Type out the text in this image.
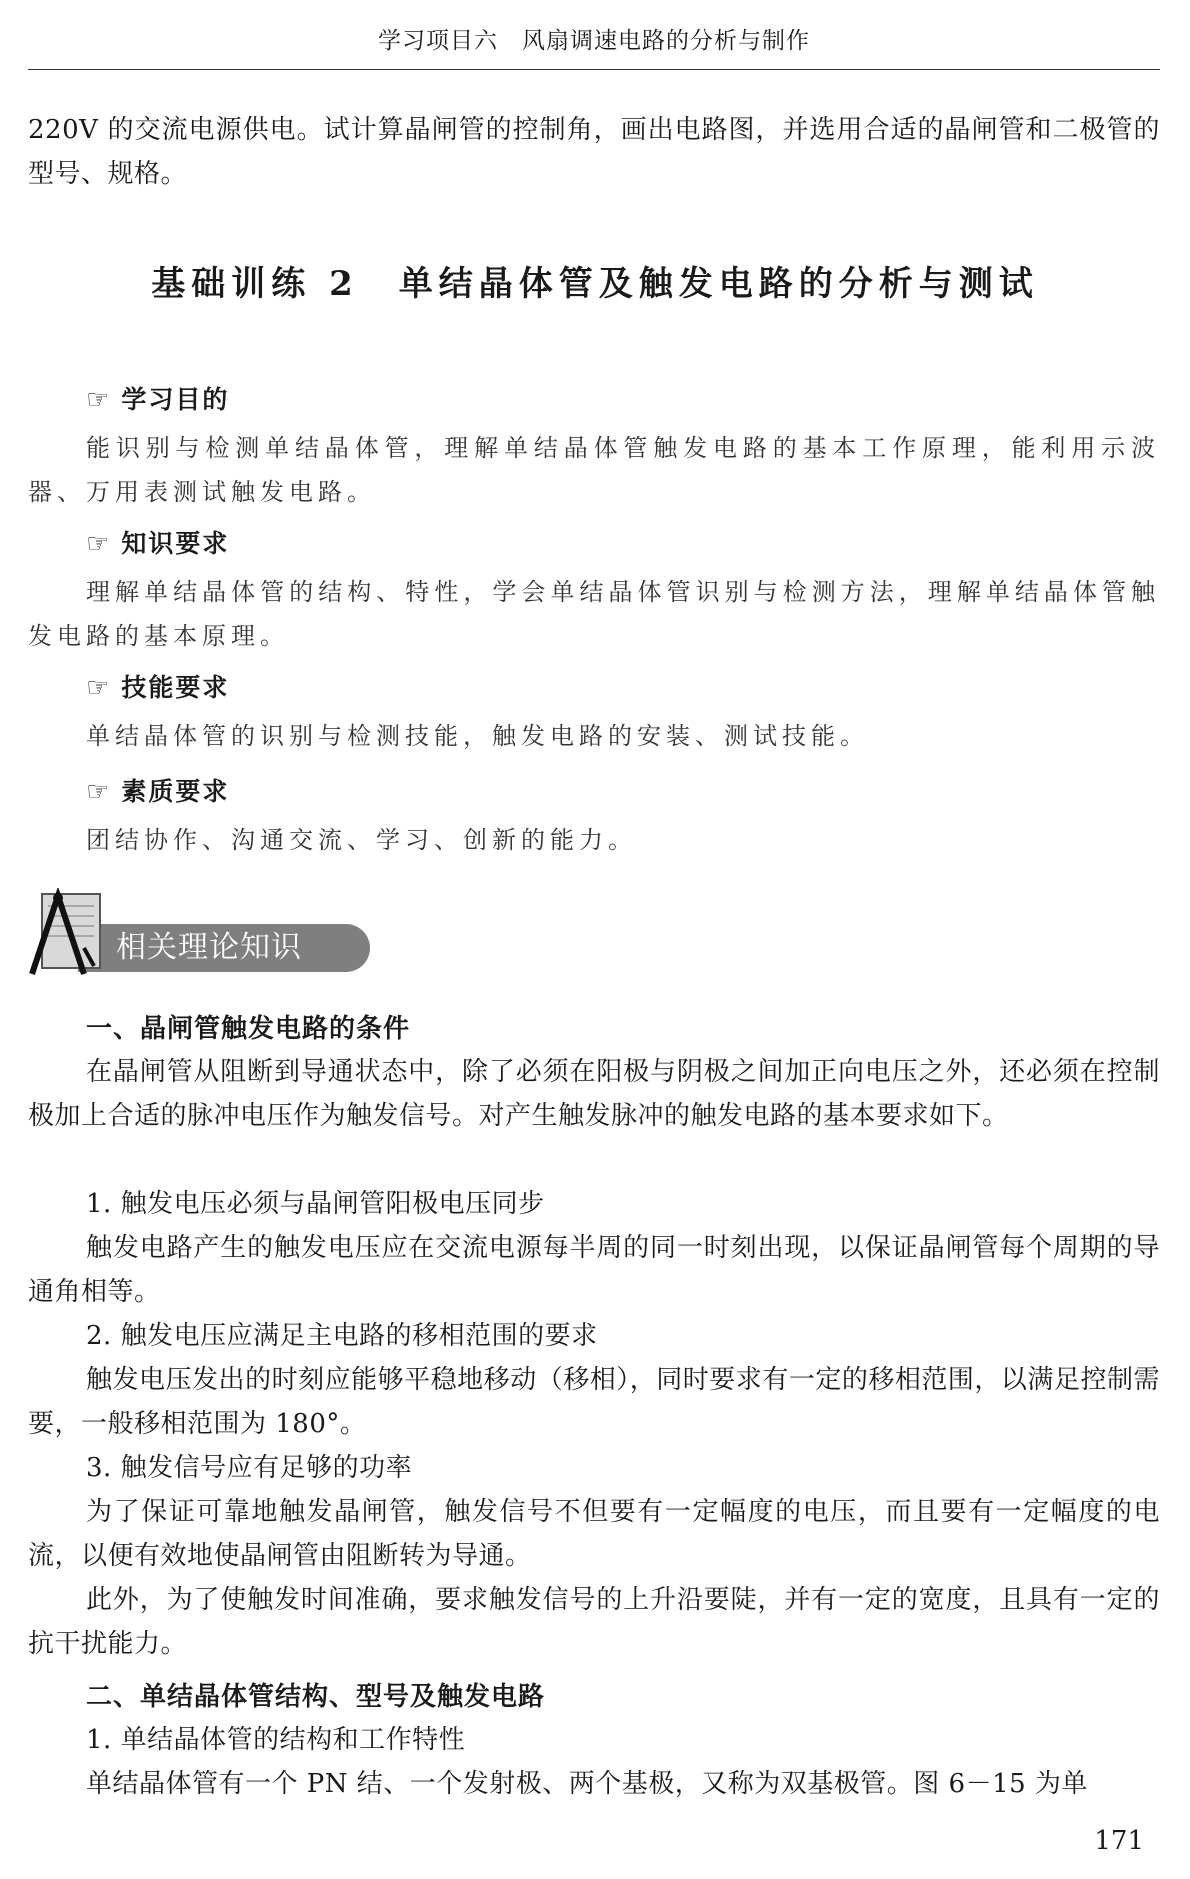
学习项目六　风扇调速电路的分析与制作
220V 的交流电源供电。试计算晶闸管的控制角，画出电路图，并选用合适的晶闸管和二极管的型号、规格。
基础训练 2　单结晶体管及触发电路的分析与测试
☞ 学习目的
能识别与检测单结晶体管，理解单结晶体管触发电路的基本工作原理，能利用示波器、万用表测试触发电路。
☞ 知识要求
理解单结晶体管的结构、特性，学会单结晶体管识别与检测方法，理解单结晶体管触发电路的基本原理。
☞ 技能要求
单结晶体管的识别与检测技能，触发电路的安装、测试技能。
☞ 素质要求
团结协作、沟通交流、学习、创新的能力。
相关理论知识
一、晶闸管触发电路的条件
在晶闸管从阻断到导通状态中，除了必须在阳极与阴极之间加正向电压之外，还必须在控制极加上合适的脉冲电压作为触发信号。对产生触发脉冲的触发电路的基本要求如下。
1. 触发电压必须与晶闸管阳极电压同步
触发电路产生的触发电压应在交流电源每半周的同一时刻出现，以保证晶闸管每个周期的导通角相等。
2. 触发电压应满足主电路的移相范围的要求
触发电压发出的时刻应能够平稳地移动（移相），同时要求有一定的移相范围，以满足控制需要，一般移相范围为 180°。
3. 触发信号应有足够的功率
为了保证可靠地触发晶闸管，触发信号不但要有一定幅度的电压，而且要有一定幅度的电流，以便有效地使晶闸管由阻断转为导通。
此外，为了使触发时间准确，要求触发信号的上升沿要陡，并有一定的宽度，且具有一定的抗干扰能力。
二、单结晶体管结构、型号及触发电路
1. 单结晶体管的结构和工作特性
单结晶体管有一个 PN 结、一个发射极、两个基极，又称为双基极管。图 6－15 为单
171
